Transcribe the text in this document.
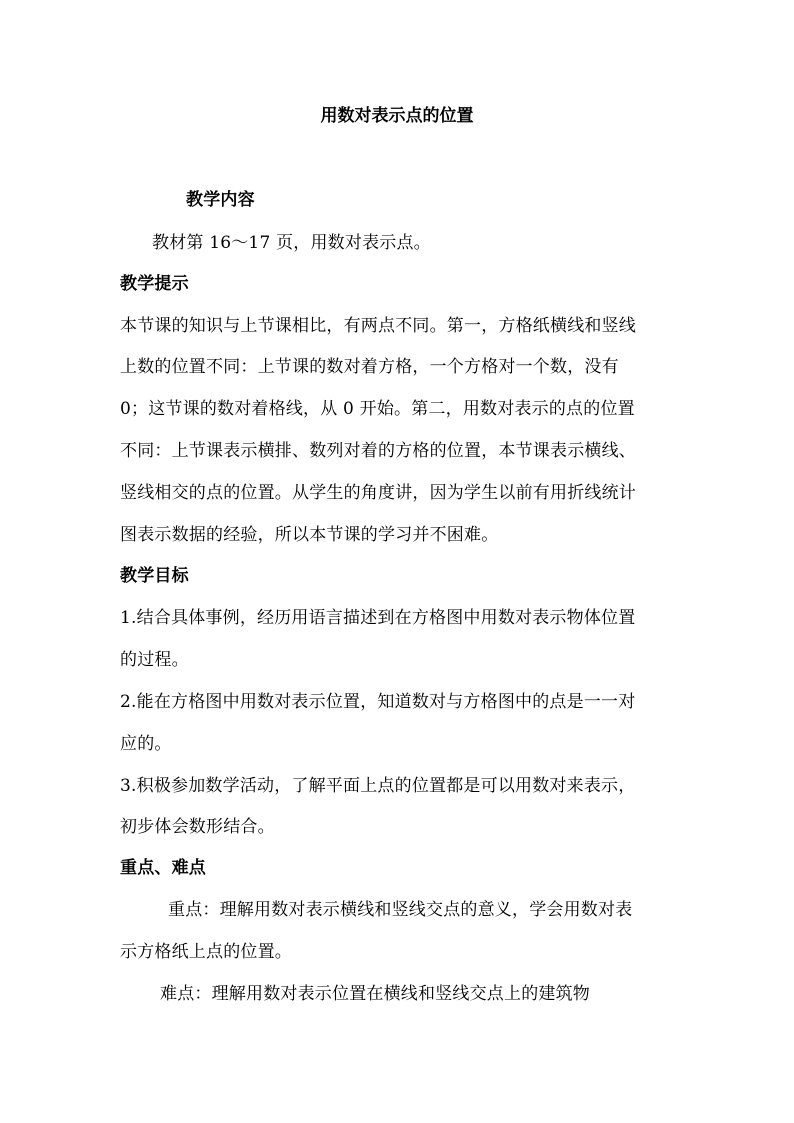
用数对表示点的位置
教学内容
教材第 16～17 页，用数对表示点。
教学提示
本节课的知识与上节课相比，有两点不同。第一，方格纸横线和竖线
上数的位置不同：上节课的数对着方格，一个方格对一个数，没有
0；这节课的数对着格线，从 0 开始。第二，用数对表示的点的位置
不同：上节课表示横排、数列对着的方格的位置，本节课表示横线、
竖线相交的点的位置。从学生的角度讲，因为学生以前有用折线统计
图表示数据的经验，所以本节课的学习并不困难。
教学目标
1.结合具体事例，经历用语言描述到在方格图中用数对表示物体位置
的过程。
2.能在方格图中用数对表示位置，知道数对与方格图中的点是一一对
应的。
3.积极参加数学活动，了解平面上点的位置都是可以用数对来表示，
初步体会数形结合。
重点、难点
重点：理解用数对表示横线和竖线交点的意义，学会用数对表
示方格纸上点的位置。
难点：理解用数对表示位置在横线和竖线交点上的建筑物
